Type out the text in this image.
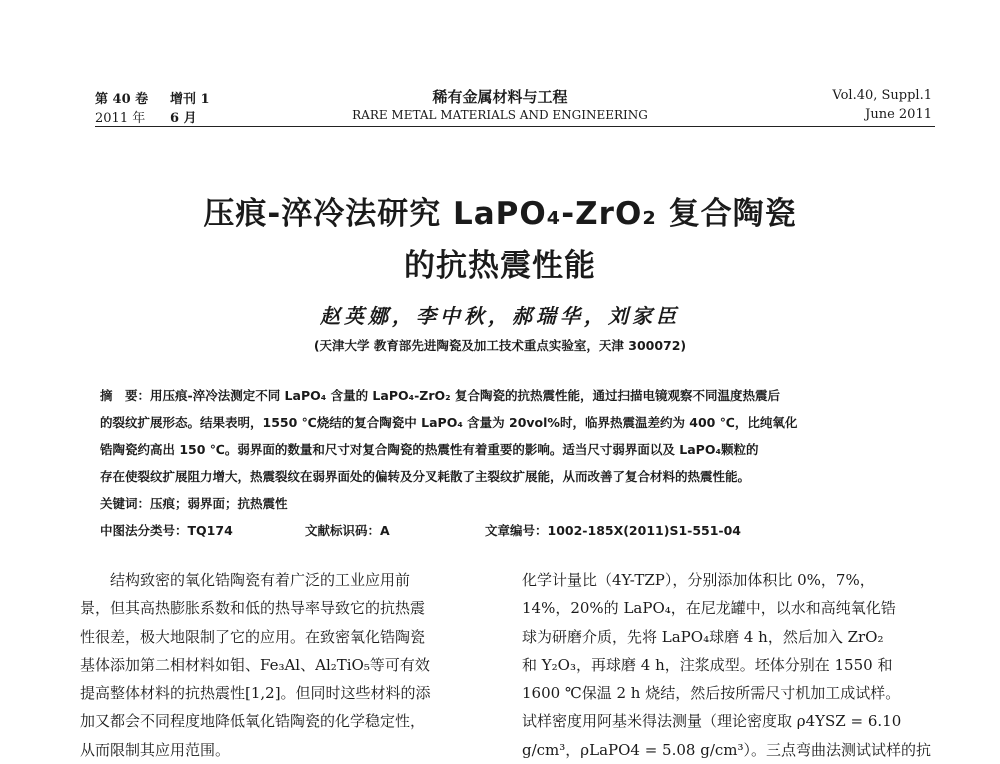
第 40 卷 增刊 1
2011 年 6 月
稀有金属材料与工程
RARE METAL MATERIALS AND ENGINEERING
Vol.40, Suppl.1
June 2011
压痕-淬冷法研究 LaPO₄-ZrO₂ 复合陶瓷
的抗热震性能
赵英娜，李中秋，郝瑞华，刘家臣
(天津大学 教育部先进陶瓷及加工技术重点实验室，天津 300072)
摘　要：用压痕-淬冷法测定不同 LaPO₄ 含量的 LaPO₄-ZrO₂ 复合陶瓷的抗热震性能，通过扫描电镜观察不同温度热震后
的裂纹扩展形态。结果表明，1550 ℃烧结的复合陶瓷中 LaPO₄ 含量为 20vol%时，临界热震温差约为 400 ℃，比纯氧化
锆陶瓷约高出 150 ℃。弱界面的数量和尺寸对复合陶瓷的热震性有着重要的影响。适当尺寸弱界面以及 LaPO₄颗粒的
存在使裂纹扩展阻力增大，热震裂纹在弱界面处的偏转及分叉耗散了主裂纹扩展能，从而改善了复合材料的热震性能。
关键词：压痕；弱界面；抗热震性
中图法分类号：TQ174	文献标识码：A	文章编号：1002-185X(2011)S1-551-04

　　结构致密的氧化锆陶瓷有着广泛的工业应用前

景，但其高热膨胀系数和低的热导率导致它的抗热震

性很差，极大地限制了它的应用。在致密氧化锆陶瓷

基体添加第二相材料如钼、Fe₃Al、Al₂TiO₅等可有效

提高整体材料的抗热震性[1,2]。但同时这些材料的添

加又都会不同程度地降低氧化锆陶瓷的化学稳定性，

从而限制其应用范围。

化学计量比（4Y-TZP），分别添加体积比 0%，7%，

14%，20%的 LaPO₄，在尼龙罐中，以水和高纯氧化锆

球为研磨介质，先将 LaPO₄球磨 4 h，然后加入 ZrO₂

和 Y₂O₃，再球磨 4 h，注浆成型。坯体分别在 1550 和

1600 ℃保温 2 h 烧结，然后按所需尺寸机加工成试样。

试样密度用阿基米得法测量（理论密度取 ρ4YSZ = 6.10

g/cm³，ρLaPO4 = 5.08 g/cm³）。三点弯曲法测试试样的抗
